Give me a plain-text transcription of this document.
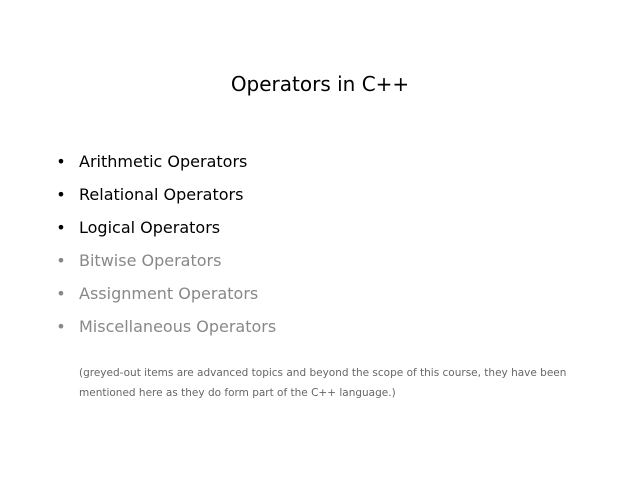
Operators in C++
• Arithmetic Operators
• Relational Operators
• Logical Operators
• Bitwise Operators
• Assignment Operators
• Miscellaneous Operators
(greyed-out items are advanced topics and beyond the scope of this course, they have been
mentioned here as they do form part of the C++ language.)
